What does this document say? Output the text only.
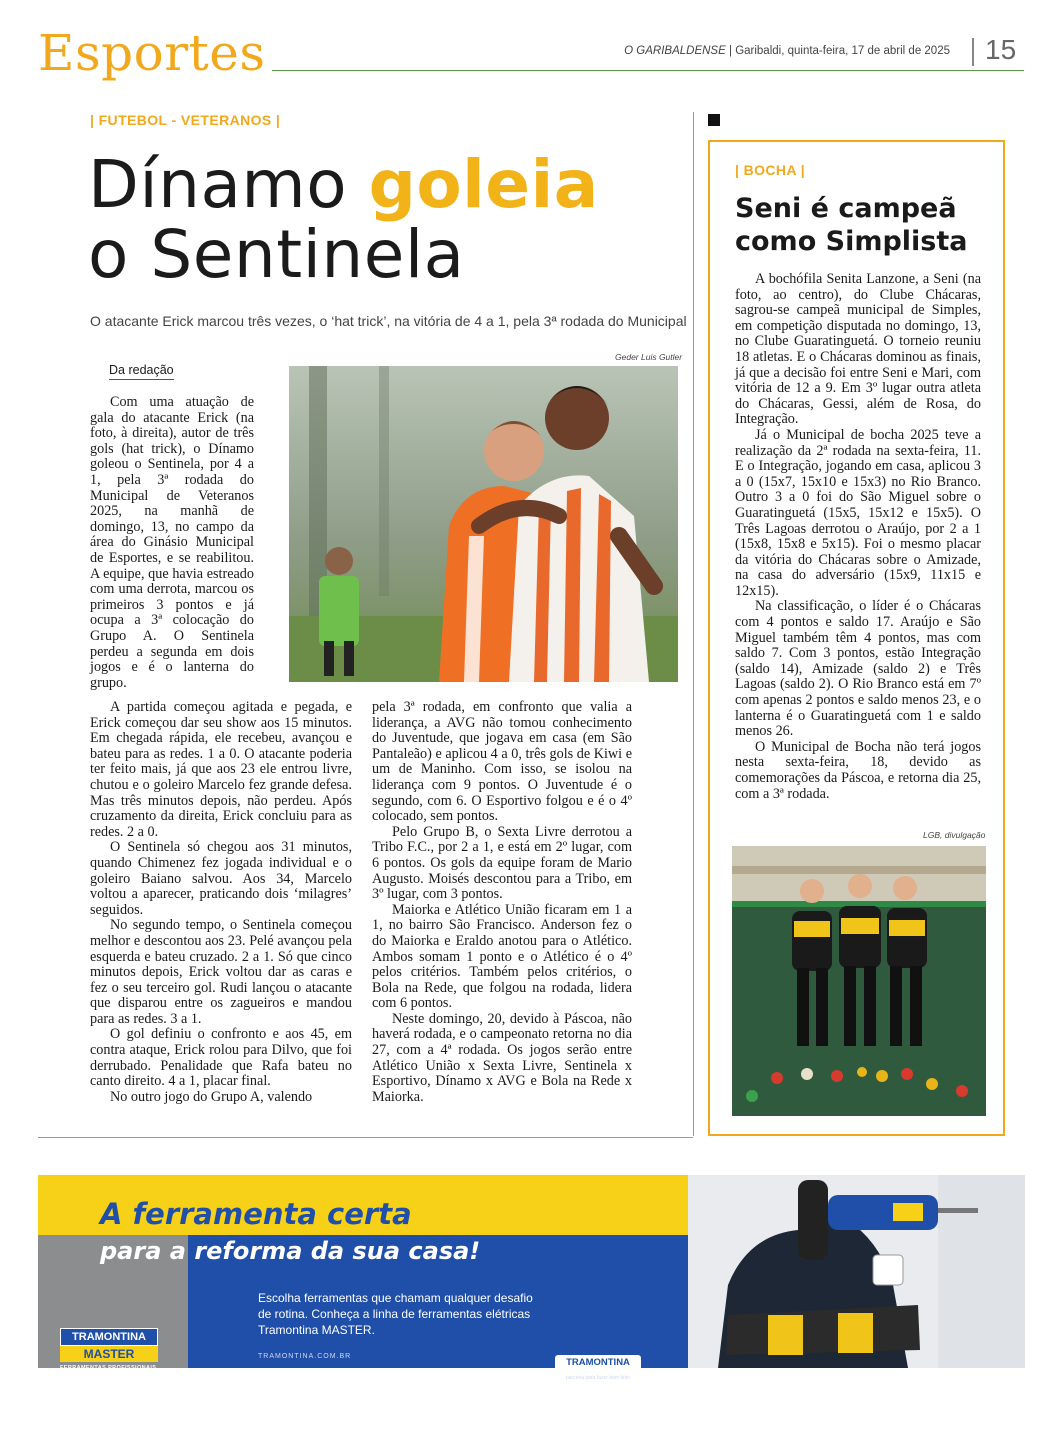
Esportes	O GARIBALDENSE | Garibaldi, quinta-feira, 17 de abril de 2025 15
| FUTEBOL - VETERANOS |
Dínamo goleia
o Sentinela
O atacante Erick marcou três vezes, o ‘hat trick’, na vitória de 4 a 1, pela 3ª rodada do Municipal
Geder Luis Gutler
Da redação

Com uma atuação de gala do atacante Erick (na foto, à direita), autor de três gols (hat trick), o Dínamo goleou o Sentinela, por 4 a 1, pela 3ª rodada do Municipal de Veteranos 2025, na manhã de domingo, 13, no campo da área do Ginásio Municipal de Esportes, e se reabilitou. A equipe, que havia estreado com uma derrota, marcou os primeiros 3 pontos e já ocupa a 3ª colocação do Grupo A. O Sentinela perdeu a segunda em dois jogos e é o lanterna do grupo.

A partida começou agitada e pegada, e Erick começou dar seu show aos 15 minutos. Em chegada rápida, ele recebeu, avançou e bateu para as redes. 1 a 0. O atacante poderia ter feito mais, já que aos 23 ele entrou livre, chutou e o goleiro Marcelo fez grande defesa. Mas três minutos depois, não perdeu. Após cruzamento da direita, Erick concluiu para as redes. 2 a 0.

O Sentinela só chegou aos 31 minutos, quando Chimenez fez jogada individual e o goleiro Baiano salvou. Aos 34, Marcelo voltou a aparecer, praticando dois ‘milagres’ seguidos.

No segundo tempo, o Sentinela começou melhor e descontou aos 23. Pelé avançou pela esquerda e bateu cruzado. 2 a 1. Só que cinco minutos depois, Erick voltou dar as caras e fez o seu terceiro gol. Rudi lançou o atacante que disparou entre os zagueiros e mandou para as redes. 3 a 1.

O gol definiu o confronto e aos 45, em contra ataque, Erick rolou para Dilvo, que foi derrubado. Penalidade que Rafa bateu no canto direito. 4 a 1, placar final.

No outro jogo do Grupo A, valendo

pela 3ª rodada, em confronto que valia a liderança, a AVG não tomou conhecimento do Juventude, que jogava em casa (em São Pantaleão) e aplicou 4 a 0, três gols de Kiwi e um de Maninho. Com isso, se isolou na liderança com 9 pontos. O Juventude é o segundo, com 6. O Esportivo folgou e é o 4º colocado, sem pontos.

Pelo Grupo B, o Sexta Livre derrotou a Tribo F.C., por 2 a 1, e está em 2º lugar, com 6 pontos. Os gols da equipe foram de Mario Augusto. Moisés descontou para a Tribo, em 3º lugar, com 3 pontos.

Maiorka e Atlético União ficaram em 1 a 1, no bairro São Francisco. Anderson fez o do Maiorka e Eraldo anotou para o Atlético. Ambos somam 1 ponto e o Atlético é o 4º pelos critérios. Também pelos critérios, o Bola na Rede, que folgou na rodada, lidera com 6 pontos.

Neste domingo, 20, devido à Páscoa, não haverá rodada, e o campeonato retorna no dia 27, com a 4ª rodada. Os jogos serão entre Atlético União x Sexta Livre, Sentinela x Esportivo, Dínamo x AVG e Bola na Rede x Maiorka.

| BOCHA |
Seni é campeã como Simplista

A bochófila Senita Lanzone, a Seni (na foto, ao centro), do Clube Chácaras, sagrou-se campeã municipal de Simples, em competição disputada no domingo, 13, no Clube Guaratinguetá. O torneio reuniu 18 atletas. E o Chácaras dominou as finais, já que a decisão foi entre Seni e Mari, com vitória de 12 a 9. Em 3º lugar outra atleta do Chácaras, Gessi, além de Rosa, do Integração.

Já o Municipal de bocha 2025 teve a realização da 2ª rodada na sexta-feira, 11. E o Integração, jogando em casa, aplicou 3 a 0 (15x7, 15x10 e 15x3) no Rio Branco. Outro 3 a 0 foi do São Miguel sobre o Guaratinguetá (15x5, 15x12 e 15x5). O Três Lagoas derrotou o Araújo, por 2 a 1 (15x8, 15x8 e 5x15). Foi o mesmo placar da vitória do Chácaras sobre o Amizade, na casa do adversário (15x9, 11x15 e 12x15).

Na classificação, o líder é o Chácaras com 4 pontos e saldo 17. Araújo e São Miguel também têm 4 pontos, mas com saldo 7. Com 3 pontos, estão Integração (saldo 14), Amizade (saldo 2) e Três Lagoas (saldo 2). O Rio Branco está em 7º com apenas 2 pontos e saldo menos 23, e o lanterna é o Guaratinguetá com 1 e saldo menos 26.

O Municipal de Bocha não terá jogos nesta sexta-feira, 18, devido as comemorações da Páscoa, e retorna dia 25, com a 3ª rodada.

LGB, divulgação
A ferramenta certa
para a reforma da sua casa!
Escolha ferramentas que chamam qualquer desafio de rotina. Conheça a linha de ferramentas elétricas Tramontina MASTER.
TRAMONTINA.COM.BR
TRAMONTINA
MASTER
FERRAMENTAS PROFISSIONAIS	TRAMONTINA
parceria para fazer bem feito
